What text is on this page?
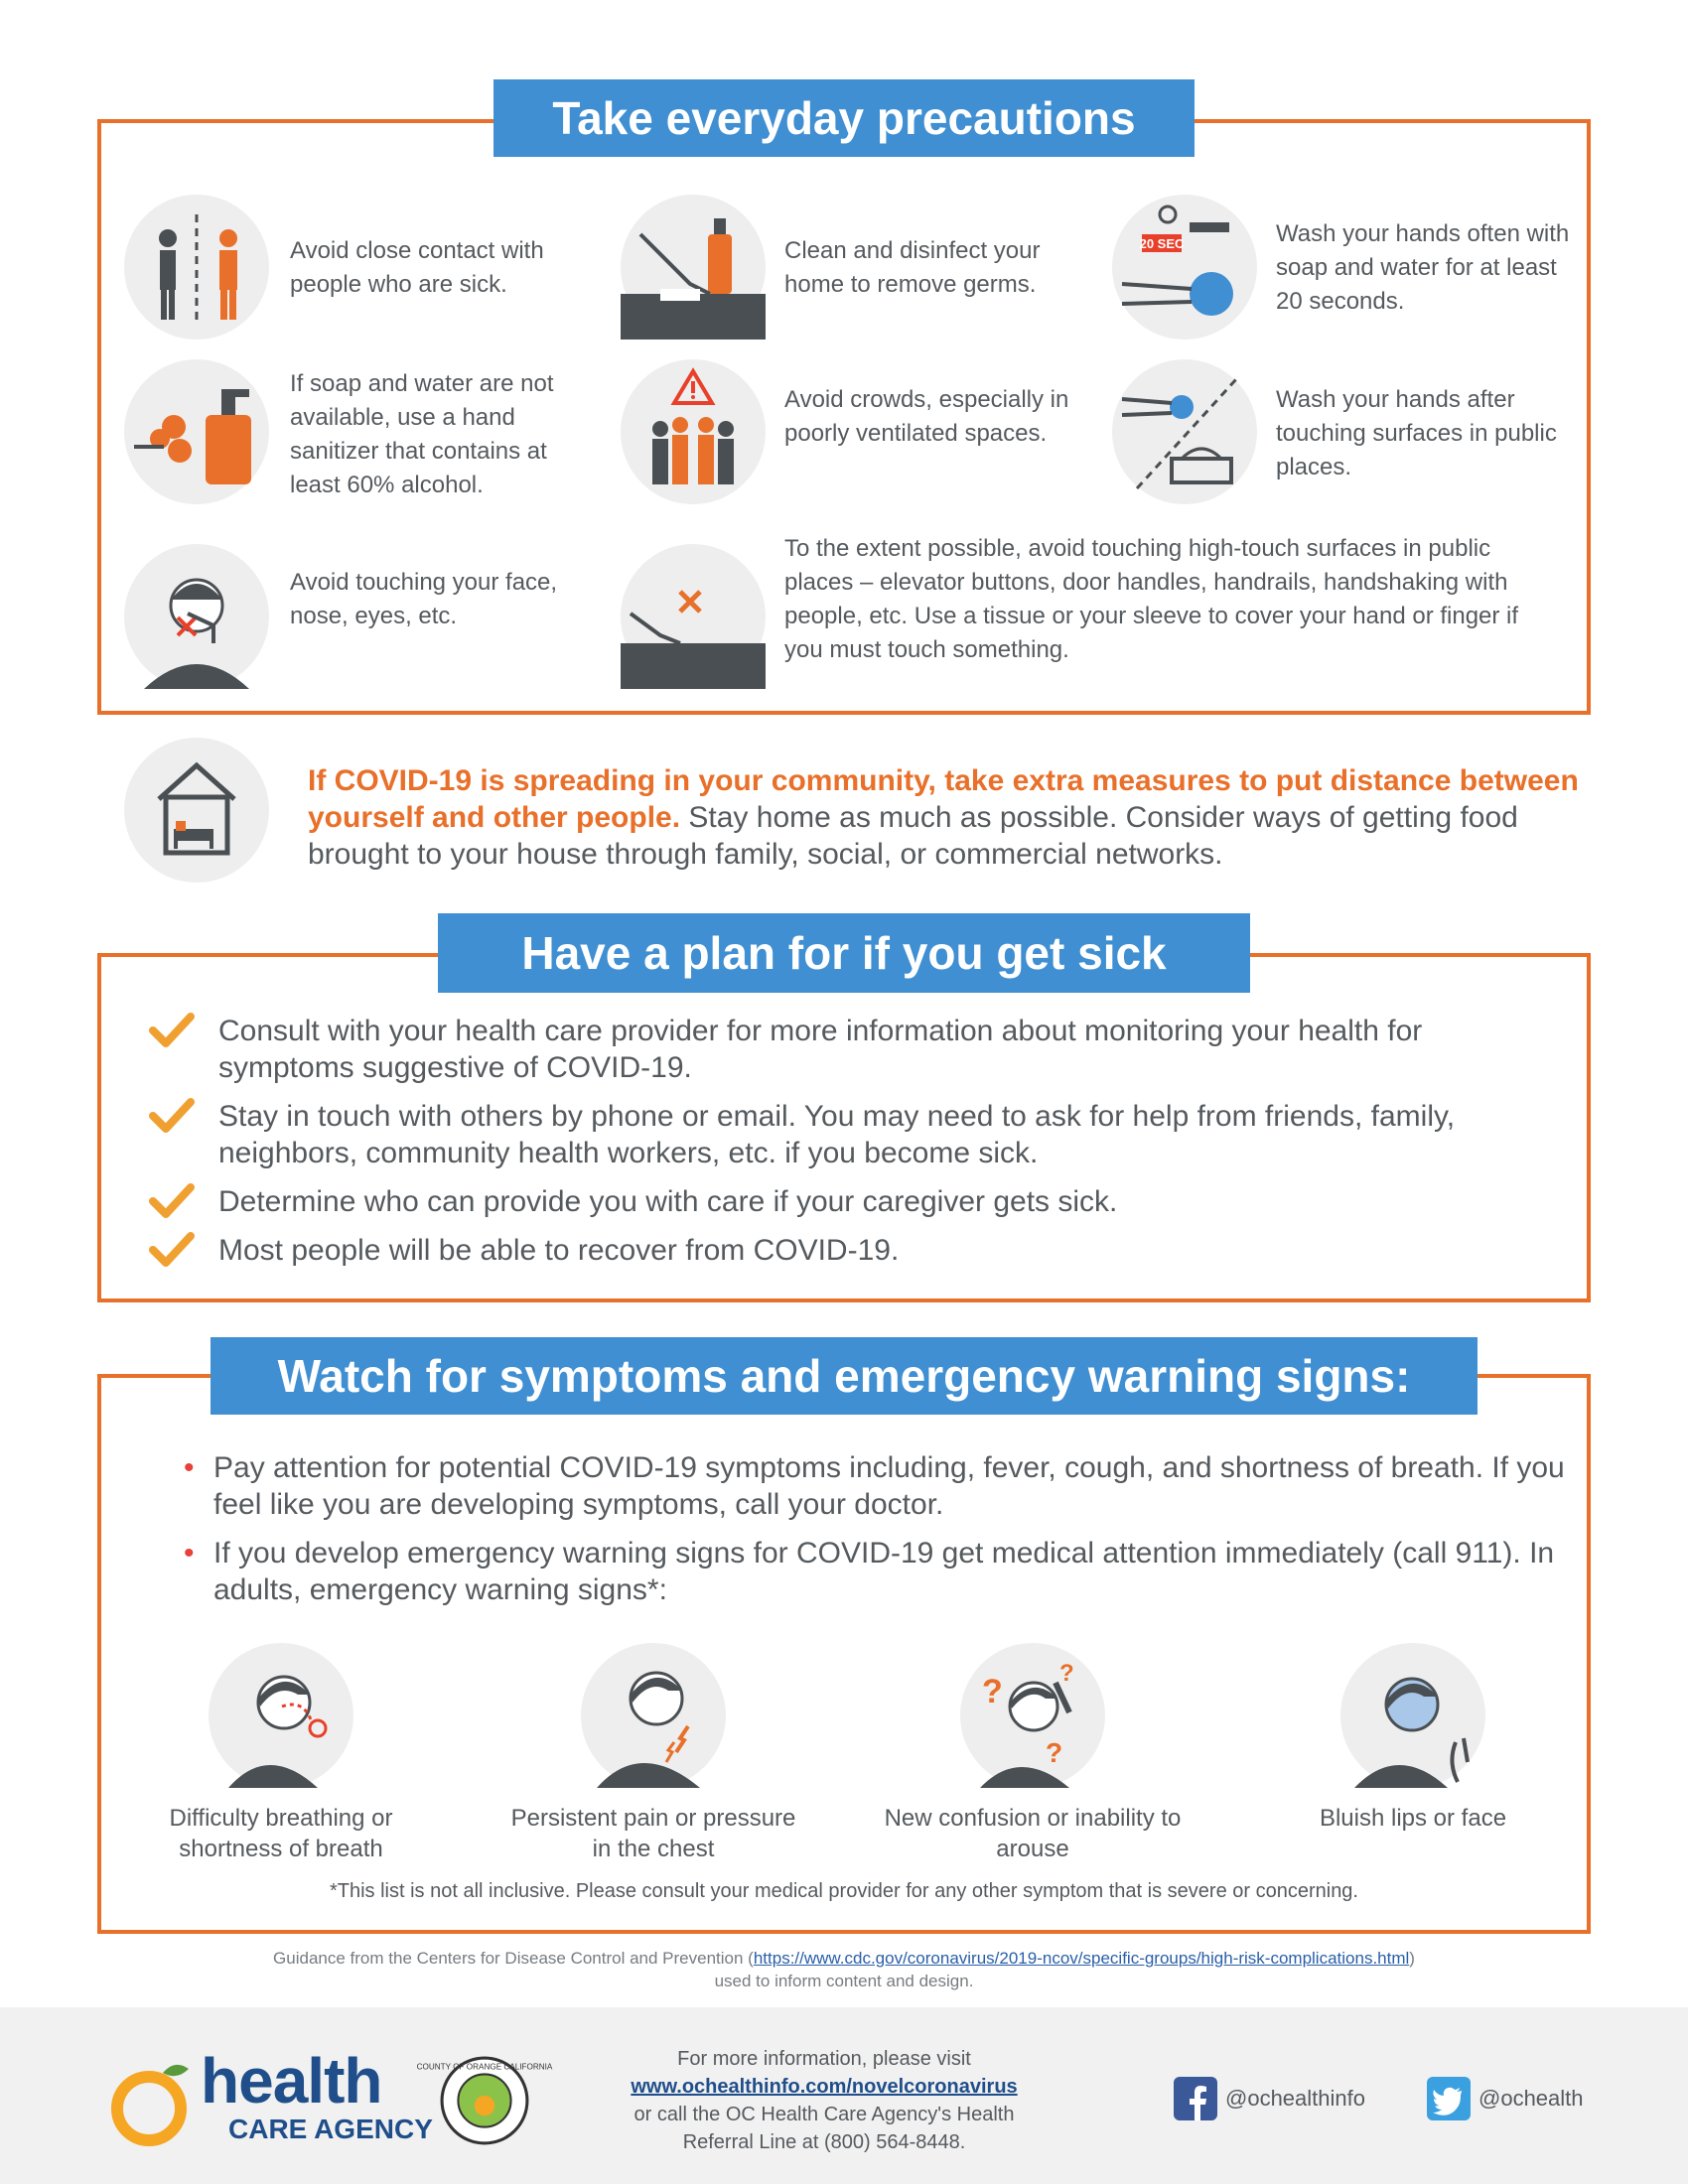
Take everyday precautions
Avoid close contact with people who are sick.
Clean and disinfect your home to remove germs.
20 SEC	Wash your hands often with soap and water for at least 20 seconds.
If soap and water are not available, use a hand sanitizer that contains at least 60% alcohol.
Avoid crowds, especially in poorly ventilated spaces.
Wash your hands after touching surfaces in public places.
Avoid touching your face, nose, eyes, etc.
To the extent possible, avoid touching high-touch surfaces in public places – elevator buttons, door handles, handrails, handshaking with people, etc. Use a tissue or your sleeve to cover your hand or finger if you must touch something.
If COVID-19 is spreading in your community, take extra measures to put distance between yourself and other people. Stay home as much as possible. Consider ways of getting food brought to your house through family, social, or commercial networks.
Have a plan for if you get sick
Consult with your health care provider for more information about monitoring your health for symptoms suggestive of COVID-19.
Stay in touch with others by phone or email. You may need to ask for help from friends, family, neighbors, community health workers, etc. if you become sick.
Determine who can provide you with care if your caregiver gets sick.
Most people will be able to recover from COVID-19.
Watch for symptoms and emergency warning signs:
• Pay attention for potential COVID-19 symptoms including, fever, cough, and shortness of breath. If you feel like you are developing symptoms, call your doctor.
• If you develop emergency warning signs for COVID-19 get medical attention immediately (call 911). In adults, emergency warning signs*:
Difficulty breathing or shortness of breath
Persistent pain or pressure in the chest
? ?
?
New confusion or inability to arouse
Bluish lips or face
*This list is not all inclusive. Please consult your medical provider for any other symptom that is severe or concerning.
Guidance from the Centers for Disease Control and Prevention (https://www.cdc.gov/coronavirus/2019-ncov/specific-groups/high-risk-complications.html)
used to inform content and design.
health
CARE AGENCY
COUNTY OF ORANGE CALIFORNIA	For more information, please visit
www.ochealthinfo.com/novelcoronavirus
or call the OC Health Care Agency's Health
Referral Line at (800) 564-8448.
@ochealthinfo	@ochealth
